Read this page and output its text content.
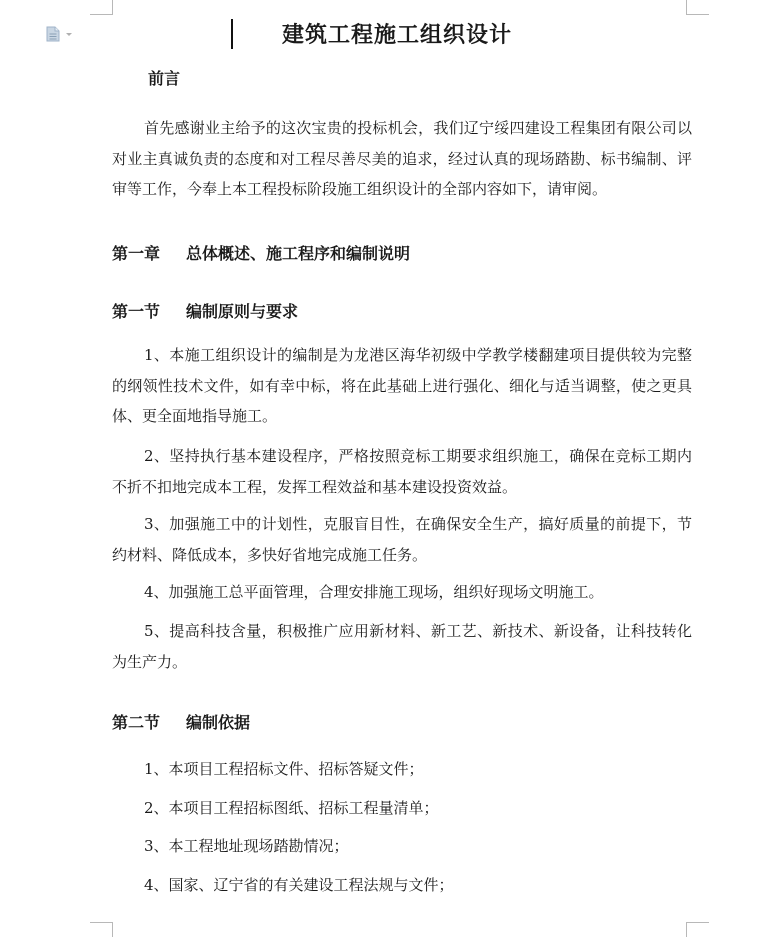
建筑工程施工组织设计
前言

首先感谢业主给予的这次宝贵的投标机会，我们辽宁绥四建设工程集团有限公司以对业主真诚负责的态度和对工程尽善尽美的追求，经过认真的现场踏勘、标书编制、评审等工作，今奉上本工程投标阶段施工组织设计的全部内容如下，请审阅。

第一章 总体概述、施工程序和编制说明
第一节 编制原则与要求

1、本施工组织设计的编制是为龙港区海华初级中学教学楼翻建项目提供较为完整的纲领性技术文件，如有幸中标，将在此基础上进行强化、细化与适当调整，使之更具体、更全面地指导施工。

2、坚持执行基本建设程序，严格按照竞标工期要求组织施工，确保在竞标工期内不折不扣地完成本工程，发挥工程效益和基本建设投资效益。

3、加强施工中的计划性，克服盲目性，在确保安全生产，搞好质量的前提下，节约材料、降低成本，多快好省地完成施工任务。

4、加强施工总平面管理，合理安排施工现场，组织好现场文明施工。

5、提高科技含量，积极推广应用新材料、新工艺、新技术、新设备，让科技转化为生产力。

第二节 编制依据
1、本项目工程招标文件、招标答疑文件；
2、本项目工程招标图纸、招标工程量清单；
3、本工程地址现场踏勘情况；
4、国家、辽宁省的有关建设工程法规与文件；
